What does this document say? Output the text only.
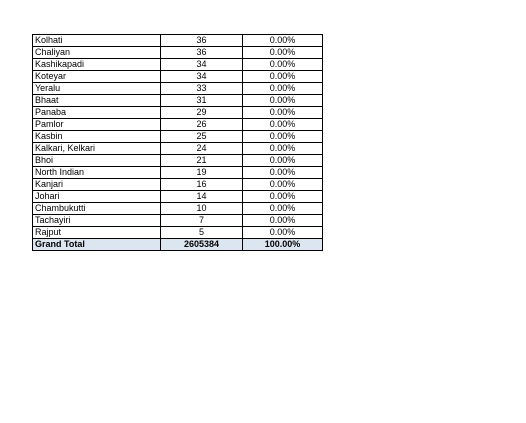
Kolhati	36	0.00%
Chaliyan	36	0.00%
Kashikapadi	34	0.00%
Koteyar	34	0.00%
Yeralu	33	0.00%
Bhaat	31	0.00%
Panaba	29	0.00%
Pamlor	26	0.00%
Kasbin	25	0.00%
Kalkari, Kelkari	24	0.00%
Bhoi	21	0.00%
North Indian	19	0.00%
Kanjari	16	0.00%
Johari	14	0.00%
Chambukutti	10	0.00%
Tachayiri	7	0.00%
Rajput	5	0.00%
Grand Total	2605384	100.00%
